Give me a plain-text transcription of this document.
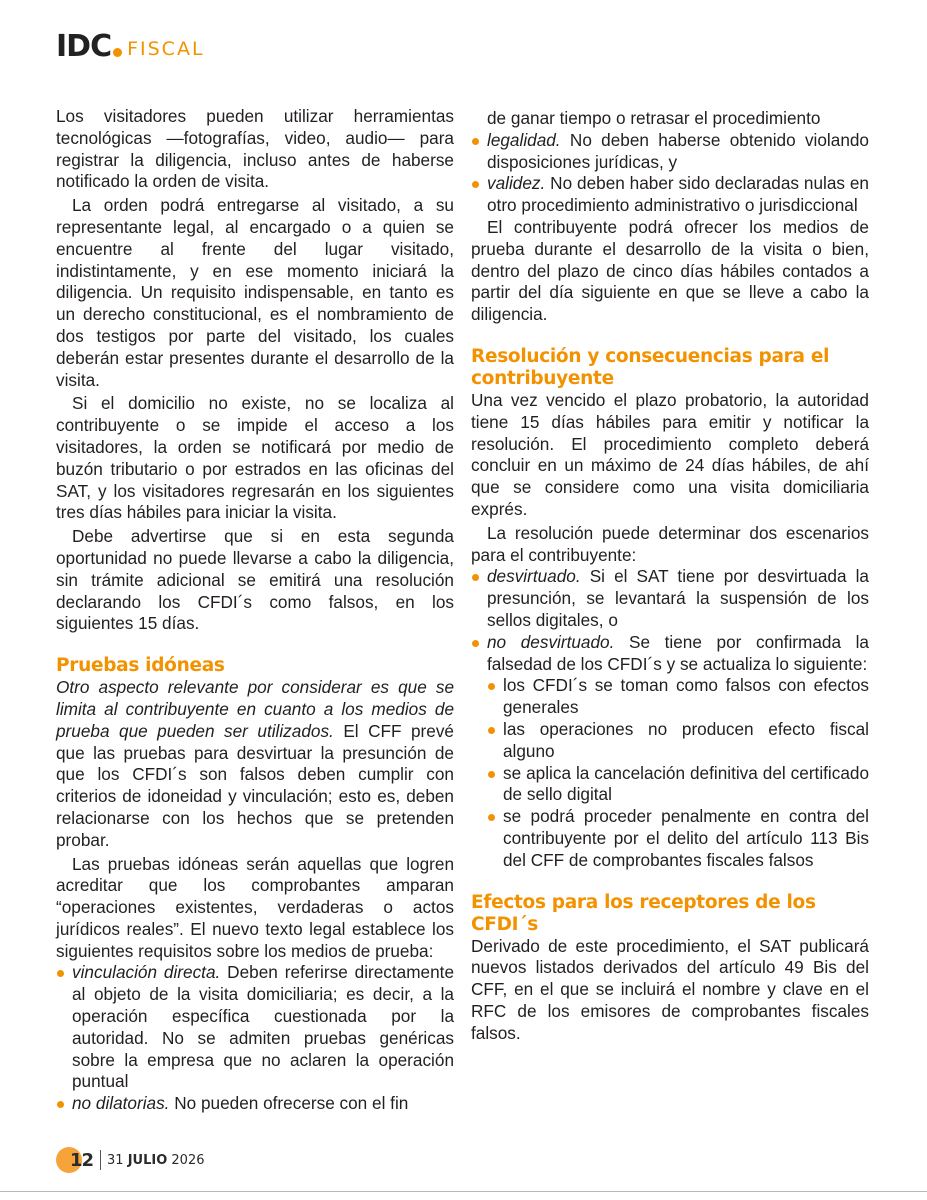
IDC FISCAL

Los visitadores pueden utilizar herramientas tecnológicas —fotografías, video, audio— para registrar la diligencia, incluso antes de haberse notificado la orden de visita.

La orden podrá entregarse al visitado, a su representante legal, al encargado o a quien se encuentre al frente del lugar visitado, indistintamente, y en ese momento iniciará la diligencia. Un requisito indispensable, en tanto es un derecho constitucional, es el nombramiento de dos testigos por parte del visitado, los cuales deberán estar presentes durante el desarrollo de la visita.

Si el domicilio no existe, no se localiza al contribuyente o se impide el acceso a los visitadores, la orden se notificará por medio de buzón tributario o por estrados en las oficinas del SAT, y los visitadores regresarán en los siguientes tres días hábiles para iniciar la visita.

Debe advertirse que si en esta segunda oportunidad no puede llevarse a cabo la diligencia, sin trámite adicional se emitirá una resolución declarando los CFDI´s como falsos, en los siguientes 15 días.

Pruebas idóneas

Otro aspecto relevante por considerar es que se limita al contribuyente en cuanto a los medios de prueba que pueden ser utilizados. El CFF prevé que las pruebas para desvirtuar la presunción de que los CFDI´s son falsos deben cumplir con criterios de idoneidad y vinculación; esto es, deben relacionarse con los hechos que se pretenden probar.

Las pruebas idóneas serán aquellas que logren acreditar que los comprobantes amparan “operaciones existentes, verdaderas o actos jurídicos reales”. El nuevo texto legal establece los siguientes requisitos sobre los medios de prueba:

vinculación directa. Deben referirse directamente al objeto de la visita domiciliaria; es decir, a la operación específica cuestionada por la autoridad. No se admiten pruebas genéricas sobre la empresa que no aclaren la operación puntual
no dilatorias. No pueden ofrecerse con el fin

de ganar tiempo o retrasar el procedimiento

legalidad. No deben haberse obtenido violando disposiciones jurídicas, y
validez. No deben haber sido declaradas nulas en otro procedimiento administrativo o jurisdiccional

El contribuyente podrá ofrecer los medios de prueba durante el desarrollo de la visita o bien, dentro del plazo de cinco días hábiles contados a partir del día siguiente en que se lleve a cabo la diligencia.

Resolución y consecuencias para el contribuyente

Una vez vencido el plazo probatorio, la autoridad tiene 15 días hábiles para emitir y notificar la resolución. El procedimiento completo deberá concluir en un máximo de 24 días hábiles, de ahí que se considere como una visita domiciliaria exprés.

La resolución puede determinar dos escenarios para el contribuyente:

desvirtuado. Si el SAT tiene por desvirtuada la presunción, se levantará la suspensión de los sellos digitales, o
no desvirtuado. Se tiene por confirmada la falsedad de los CFDI´s y se actualiza lo siguiente:
los CFDI´s se toman como falsos con efectos generales
las operaciones no producen efecto fiscal alguno
se aplica la cancelación definitiva del certificado de sello digital
se podrá proceder penalmente en contra del contribuyente por el delito del artículo 113 Bis del CFF de comprobantes fiscales falsos
Efectos para los receptores de los CFDI´s

Derivado de este procedimiento, el SAT publicará nuevos listados derivados del artículo 49 Bis del CFF, en el que se incluirá el nombre y clave en el RFC de los emisores de comprobantes fiscales falsos.

12 31 JULIO 2026
